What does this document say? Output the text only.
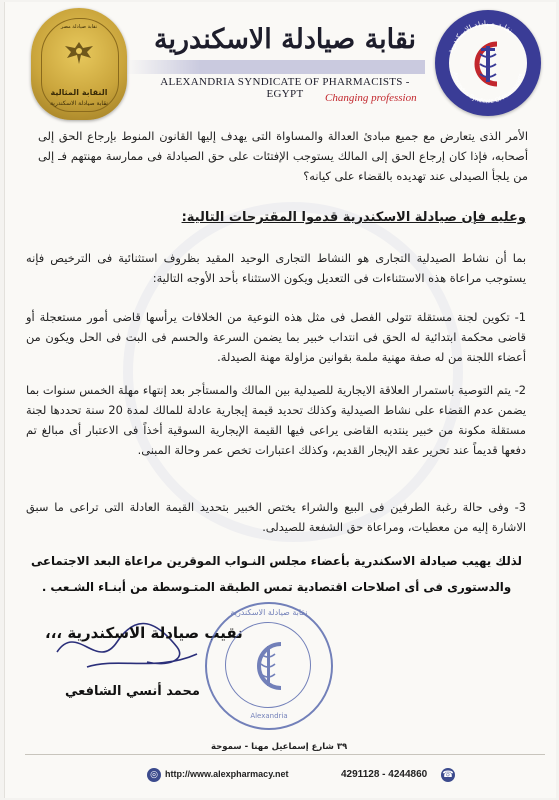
نقابة صيادلة مصر
النقابة المثالية
نقابة صيادلة الاسكندرية
نقابة صيادلة الاسكندرية
ALEXANDRIA SYNDICATE OF PHARMACISTS - EGYPT	Changing profession
نقابة صيادلة الاسكندرية
Alexandria Syndicate Of Pharmacists
الأمر الذى يتعارض مع جميع مبادئ العدالة والمساواة التى يهدف إليها القانون المنوط بإرجاع الحق إلى أصحابه، فإذا كان إرجاع الحق إلى المالك يستوجب الإفتئات على حق الصيادلة فى ممارسة مهنتهم فـ إلى من يلجأ الصيدلى عند تهديده بالقضاء على كيانه؟
وعليه فإن صيادلة الاسكندرية قدموا المقترحات التالية:
بما أن نشاط الصيدلية التجارى هو النشاط التجارى الوحيد المقيد بظروف استثنائية فى الترخيص فإنه يستوجب مراعاة هذه الاستثناءات فى التعديل ويكون الاستثناء بأحد الأوجه التالية:
1- تكوين لجنة مستقلة تتولى الفصل فى مثل هذه النوعية من الخلافات يرأسها قاضى أمور مستعجلة أو قاضى محكمة ابتدائية له الحق فى انتداب خبير بما يضمن السرعة والحسم فى البت فى الحل ويكون من أعضاء اللجنة من له صفة مهنية ملمة بقوانين مزاولة مهنة الصيدلة.
2- يتم التوصية باستمرار العلاقة الايجارية للصيدلية بين المالك والمستأجر بعد إنتهاء مهلة الخمس سنوات بما يضمن عدم القضاء على نشاط الصيدلية وكذلك تحديد قيمة إيجارية عادلة للمالك لمدة 20 سنة تحددها لجنة مستقلة مكونة من خبير ينتدبه القاضى يراعى فيها القيمة الإيجارية السوقية أخذاً فى الاعتبار أى مبالغ تم دفعها قديماً عند تحرير عقد الإيجار القديم، وكذلك اعتبارات تخص عمر وحالة المبنى.
3- وفى حالة رغبة الطرفين فى البيع والشراء يختص الخبير بتحديد القيمة العادلة التى تراعى ما سبق الاشارة إليه من معطيات، ومراعاة حق الشفعة للصيدلى.
لذلك يهيب صيادلة الاسكندرية بأعضاء مجلس النـواب الموقرين مراعاة البعد الاجتماعى
والدستورى فى أى اصلاحات اقتصادية تمس الطبقة المتـوسطة من أبنـاء الشـعب .
نقيب صيادلة الاسكندرية ،،،
محمد أنسي الشافعي
نقابة صيادلة الاسكندرية
Alexandria
٣٩ شارع إسماعيل مهنا - سموحة
◎ http://www.alexpharmacy.net	4291128 - 4244860 ☎
